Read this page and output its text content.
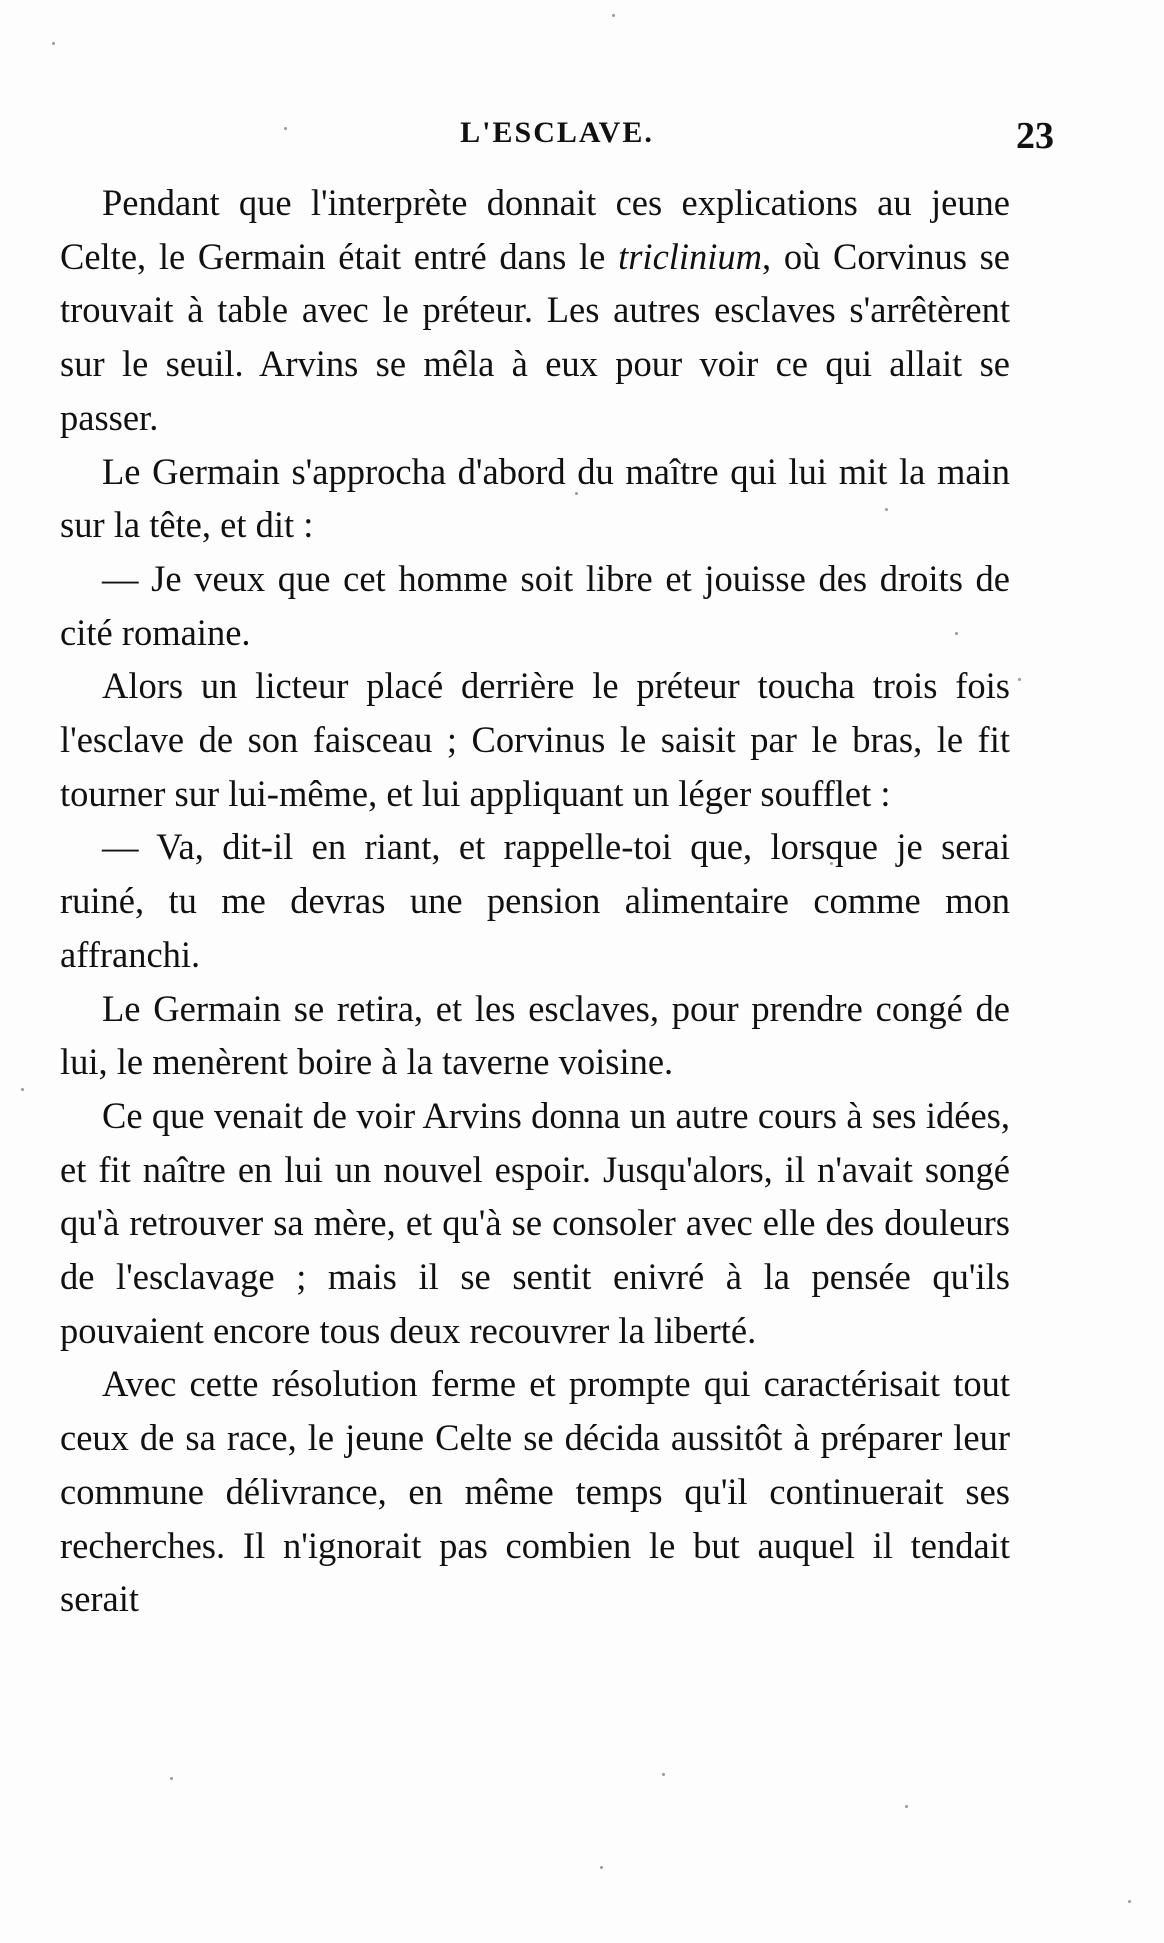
L'ESCLAVE.	23

Pendant que l'interprète donnait ces explications au jeune Celte, le Germain était entré dans le triclinium, où Corvinus se trouvait à table avec le préteur. Les autres esclaves s'arrêtèrent sur le seuil. Arvins se mêla à eux pour voir ce qui allait se passer.

Le Germain s'approcha d'abord du maître qui lui mit la main sur la tête, et dit :

— Je veux que cet homme soit libre et jouisse des droits de cité romaine.

Alors un licteur placé derrière le préteur toucha trois fois l'esclave de son faisceau ; Corvinus le saisit par le bras, le fit tourner sur lui-même, et lui appliquant un léger soufflet :

— Va, dit-il en riant, et rappelle-toi que, lorsque je serai ruiné, tu me devras une pension alimentaire comme mon affranchi.

Le Germain se retira, et les esclaves, pour prendre congé de lui, le menèrent boire à la taverne voisine.

Ce que venait de voir Arvins donna un autre cours à ses idées, et fit naître en lui un nouvel espoir. Jusqu'alors, il n'avait songé qu'à retrouver sa mère, et qu'à se consoler avec elle des douleurs de l'esclavage ; mais il se sentit enivré à la pensée qu'ils pouvaient encore tous deux recouvrer la liberté.

Avec cette résolution ferme et prompte qui caractérisait tout ceux de sa race, le jeune Celte se décida aussitôt à préparer leur commune délivrance, en même temps qu'il continuerait ses recherches. Il n'ignorait pas combien le but auquel il tendait serait
